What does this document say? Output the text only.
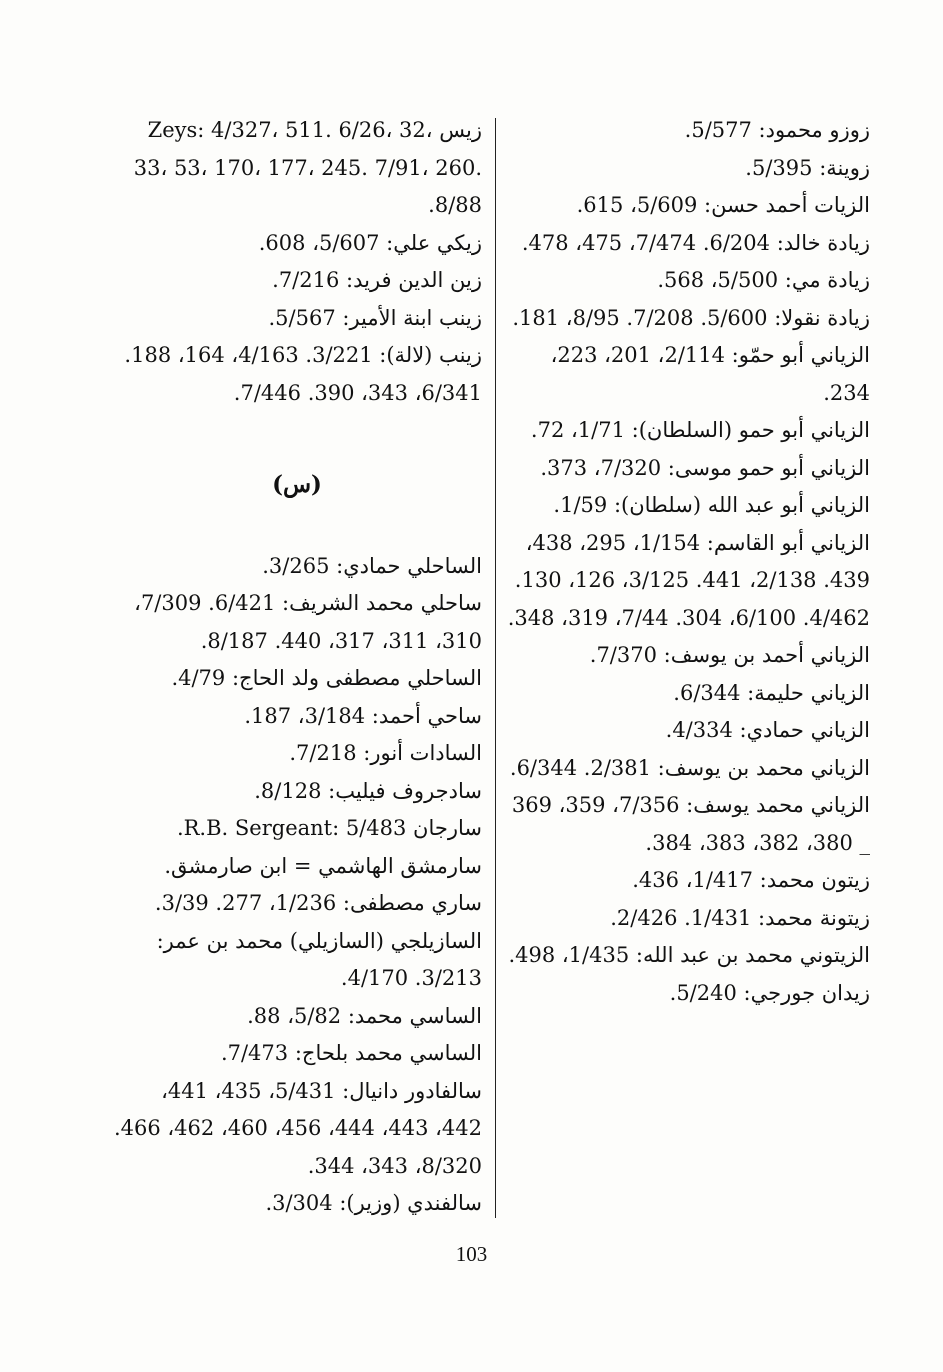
زوزو محمود: 5/577.

زوينة: 5/395.

الزيات أحمد حسن: 5/609، 615.

زيادة خالد: 6/204. 7/474، 475، 478.

زيادة مي: 5/500، 568.

زيادة نقولا: 5/600. 7/208. 8/95، 181.

الزياني أبو حمّو: 2/114، 201، 223، 234.

الزياني أبو حمو (السلطان): 1/71، 72.

الزياني أبو حمو موسى: 7/320، 373.

الزياني أبو عبد الله (سلطان): 1/59.

الزياني أبو القاسم: 1/154، 295، 438، 439. 2/138، 441. 3/125، 126، 130. 4/462. 6/100، 304. 7/44، 319، 348.

الزياني أحمد بن يوسف: 7/370.

الزياني حليمة: 6/344.

الزياني حمادي: 4/334.

الزياني محمد بن يوسف: 2/381. 6/344.

الزياني محمد يوسف: 7/356، 359، 369 _ 380، 382، 383، 384.

زيتون محمد: 1/417، 436.

زيتونة محمد: 1/431. 2/426.

الزيتوني محمد بن عبد الله: 1/435، 498.

زيدان جورجي: 5/240.

زيس Zeys: 4/327، 511. 6/26، 32، 33، 53، 170، 177، 245. 7/91، 260. 8/88.

زيكي علي: 5/607، 608.

زين الدين فريد: 7/216.

زينب ابنة الأمير: 5/567.

زينب (لالة): 3/221. 4/163، 164، 188. 6/341، 343، 390. 7/446.

(س)

الساحلي حمادي: 3/265.

ساحلي محمد الشريف: 6/421. 7/309، 310، 311، 317، 440. 8/187.

الساحلي مصطفى ولد الحاج: 4/79.

ساحي أحمد: 3/184، 187.

السادات أنور: 7/218.

سادجروف فيليب: 8/128.

سارجان R.B. Sergeant: 5/483.

سارمشق الهاشمي = ابن صارمشق.

ساري مصطفى: 1/236، 277. 3/39.

السازيلجي (السازيلي) محمد بن عمر: 3/213. 4/170.

الساسي محمد: 5/82، 88.

الساسي محمد بلحاج: 7/473.

سالفادور دانيال: 5/431، 435، 441، 442، 443، 444، 456، 460، 462، 466. 8/320، 343، 344.

سالفندي (وزير): 3/304.

103
